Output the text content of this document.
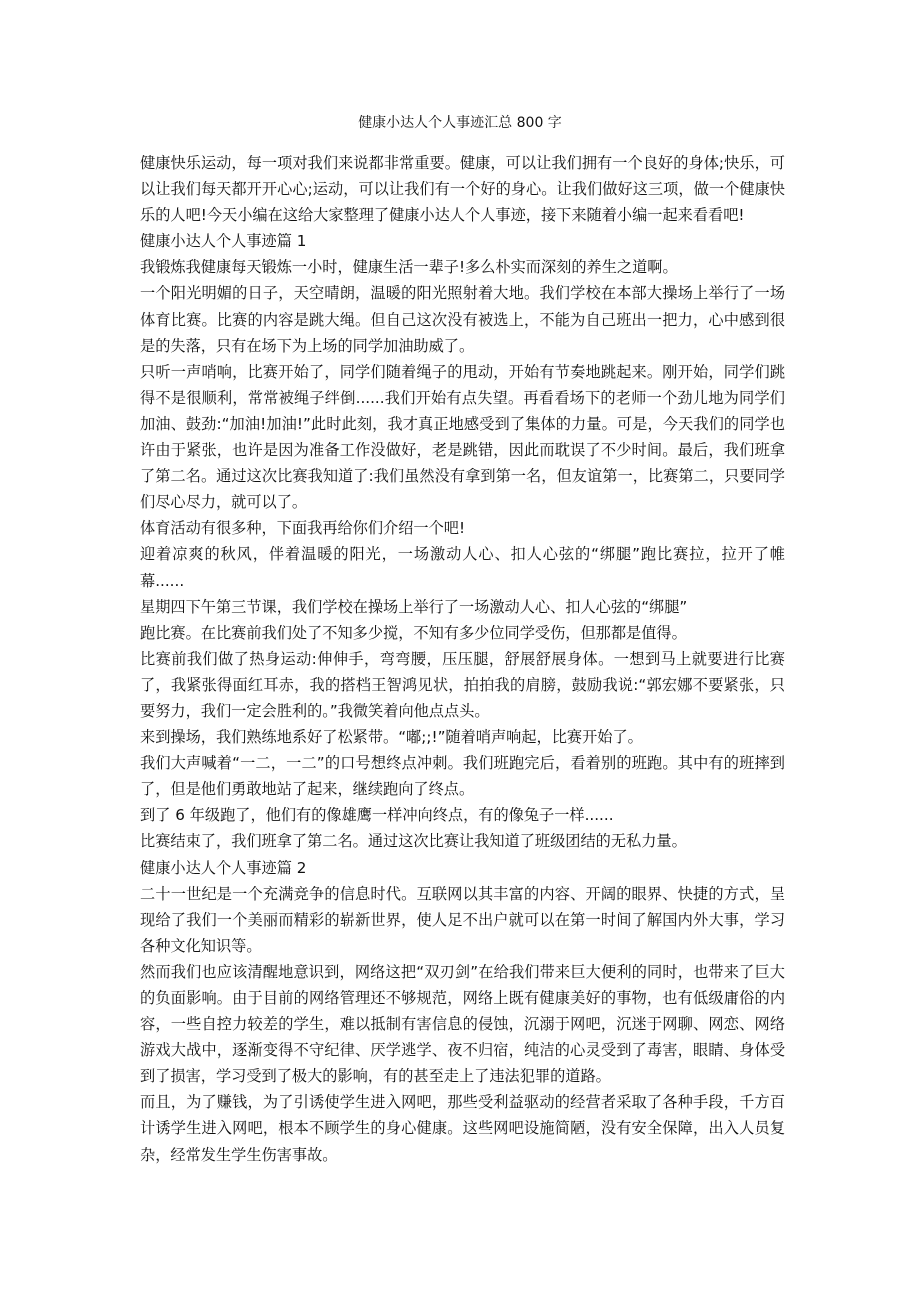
健康小达人个人事迹汇总 800 字

健康快乐运动，每一项对我们来说都非常重要。健康，可以让我们拥有一个良好的身体;快乐，可以让我们每天都开开心心;运动，可以让我们有一个好的身心。让我们做好这三项，做一个健康快乐的人吧!今天小编在这给大家整理了健康小达人个人事迹，接下来随着小编一起来看看吧!

健康小达人个人事迹篇 1

我锻炼我健康每天锻炼一小时，健康生活一辈子!多么朴实而深刻的养生之道啊。

一个阳光明媚的日子，天空晴朗，温暖的阳光照射着大地。我们学校在本部大操场上举行了一场体育比赛。比赛的内容是跳大绳。但自己这次没有被选上，不能为自己班出一把力，心中感到很是的失落，只有在场下为上场的同学加油助威了。

只听一声哨响，比赛开始了，同学们随着绳子的甩动，开始有节奏地跳起来。刚开始，同学们跳得不是很顺利，常常被绳子绊倒......我们开始有点失望。再看看场下的老师一个劲儿地为同学们加油、鼓劲:“加油!加油!”此时此刻，我才真正地感受到了集体的力量。可是，今天我们的同学也许由于紧张，也许是因为准备工作没做好，老是跳错，因此而耽误了不少时间。最后，我们班拿了第二名。通过这次比赛我知道了:我们虽然没有拿到第一名，但友谊第一，比赛第二，只要同学们尽心尽力，就可以了。

体育活动有很多种，下面我再给你们介绍一个吧!

迎着凉爽的秋风，伴着温暖的阳光，一场激动人心、扣人心弦的“绑腿”跑比赛拉，拉开了帷幕......

星期四下午第三节课，我们学校在操场上举行了一场激动人心、扣人心弦的“绑腿”

跑比赛。在比赛前我们处了不知多少搅，不知有多少位同学受伤，但那都是值得。

比赛前我们做了热身运动:伸伸手，弯弯腰，压压腿，舒展舒展身体。一想到马上就要进行比赛了，我紧张得面红耳赤，我的搭档王智鸿见状，拍拍我的肩膀，鼓励我说:“郭宏娜不要紧张，只要努力，我们一定会胜利的。”我微笑着向他点点头。

来到操场，我们熟练地系好了松紧带。“嘟;;!”随着哨声响起，比赛开始了。

我们大声喊着“一二，一二”的口号想终点冲刺。我们班跑完后，看着别的班跑。其中有的班摔到了，但是他们勇敢地站了起来，继续跑向了终点。

到了 6 年级跑了，他们有的像雄鹰一样冲向终点，有的像兔子一样......

比赛结束了，我们班拿了第二名。通过这次比赛让我知道了班级团结的无私力量。

健康小达人个人事迹篇 2

二十一世纪是一个充满竞争的信息时代。互联网以其丰富的内容、开阔的眼界、快捷的方式，呈现给了我们一个美丽而精彩的崭新世界，使人足不出户就可以在第一时间了解国内外大事，学习各种文化知识等。

然而我们也应该清醒地意识到，网络这把“双刃剑”在给我们带来巨大便利的同时，也带来了巨大的负面影响。由于目前的网络管理还不够规范，网络上既有健康美好的事物，也有低级庸俗的内容，一些自控力较差的学生，难以抵制有害信息的侵蚀，沉溺于网吧，沉迷于网聊、网恋、网络游戏大战中，逐渐变得不守纪律、厌学逃学、夜不归宿，纯洁的心灵受到了毒害，眼睛、身体受到了损害，学习受到了极大的影响，有的甚至走上了违法犯罪的道路。

而且，为了赚钱，为了引诱使学生进入网吧，那些受利益驱动的经营者采取了各种手段，千方百计诱学生进入网吧，根本不顾学生的身心健康。这些网吧设施简陋，没有安全保障，出入人员复杂，经常发生学生伤害事故。
